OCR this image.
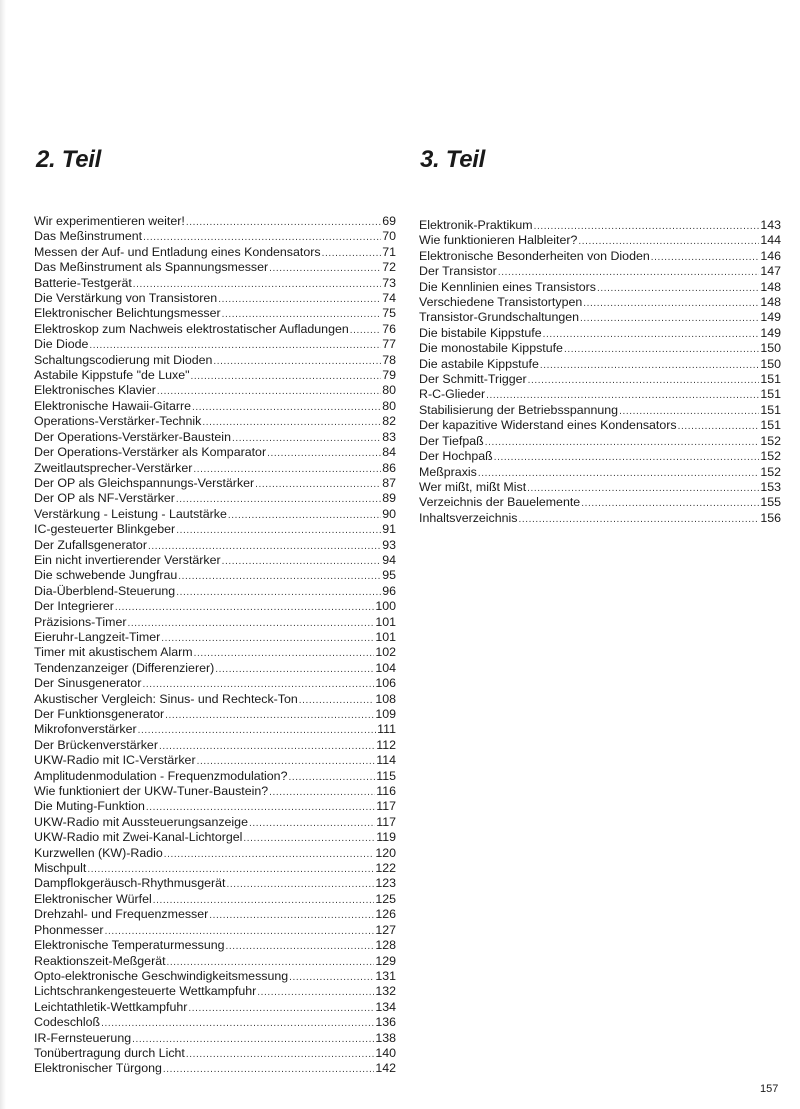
2. Teil
Wir experimentieren weiter! .....	69
Das Meßinstrument .....	70
Messen der Auf- und Entladung eines Kondensators .....	71
Das Meßinstrument als Spannungsmesser .....	72
Batterie-Testgerät .....	73
Die Verstärkung von Transistoren .....	74
Elektronischer Belichtungsmesser .....	75
Elektroskop zum Nachweis elektrostatischer Aufladungen .....	76
Die Diode .....	77
Schaltungscodierung mit Dioden .....	78
Astabile Kippstufe "de Luxe" .....	79
Elektronisches Klavier .....	80
Elektronische Hawaii-Gitarre .....	80
Operations-Verstärker-Technik .....	82
Der Operations-Verstärker-Baustein .....	83
Der Operations-Verstärker als Komparator .....	84
Zweitlautsprecher-Verstärker .....	86
Der OP als Gleichspannungs-Verstärker .....	87
Der OP als NF-Verstärker .....	89
Verstärkung - Leistung - Lautstärke .....	90
IC-gesteuerter Blinkgeber .....	91
Der Zufallsgenerator .....	93
Ein nicht invertierender Verstärker .....	94
Die schwebende Jungfrau .....	95
Dia-Überblend-Steuerung .....	96
Der Integrierer .....	100
Präzisions-Timer .....	101
Eieruhr-Langzeit-Timer .....	101
Timer mit akustischem Alarm .....	102
Tendenzanzeiger (Differenzierer) .....	104
Der Sinusgenerator .....	106
Akustischer Vergleich: Sinus- und Rechteck-Ton .....	108
Der Funktionsgenerator .....	109
Mikrofonverstärker .....	111
Der Brückenverstärker .....	112
UKW-Radio mit IC-Verstärker .....	114
Amplitudenmodulation - Frequenzmodulation? .....	115
Wie funktioniert der UKW-Tuner-Baustein? .....	116
Die Muting-Funktion .....	117
UKW-Radio mit Aussteuerungsanzeige .....	117
UKW-Radio mit Zwei-Kanal-Lichtorgel .....	119
Kurzwellen (KW)-Radio .....	120
Mischpult .....	122
Dampflokgeräusch-Rhythmusgerät .....	123
Elektronischer Würfel .....	125
Drehzahl- und Frequenzmesser .....	126
Phonmesser .....	127
Elektronische Temperaturmessung .....	128
Reaktionszeit-Meßgerät .....	129
Opto-elektronische Geschwindigkeitsmessung .....	131
Lichtschrankengesteuerte Wettkampfuhr .....	132
Leichtathletik-Wettkampfuhr .....	134
Codeschloß .....	136
IR-Fernsteuerung .....	138
Tonübertragung durch Licht .....	140
Elektronischer Türgong .....	142
3. Teil
Elektronik-Praktikum .....	143
Wie funktionieren Halbleiter? .....	144
Elektronische Besonderheiten von Dioden .....	146
Der Transistor .....	147
Die Kennlinien eines Transistors .....	148
Verschiedene Transistortypen .....	148
Transistor-Grundschaltungen .....	149
Die bistabile Kippstufe .....	149
Die monostabile Kippstufe .....	150
Die astabile Kippstufe .....	150
Der Schmitt-Trigger .....	151
R-C-Glieder .....	151
Stabilisierung der Betriebsspannung .....	151
Der kapazitive Widerstand eines Kondensators .....	151
Der Tiefpaß .....	152
Der Hochpaß .....	152
Meßpraxis .....	152
Wer mißt, mißt Mist .....	153
Verzeichnis der Bauelemente .....	155
Inhaltsverzeichnis .....	156
157
